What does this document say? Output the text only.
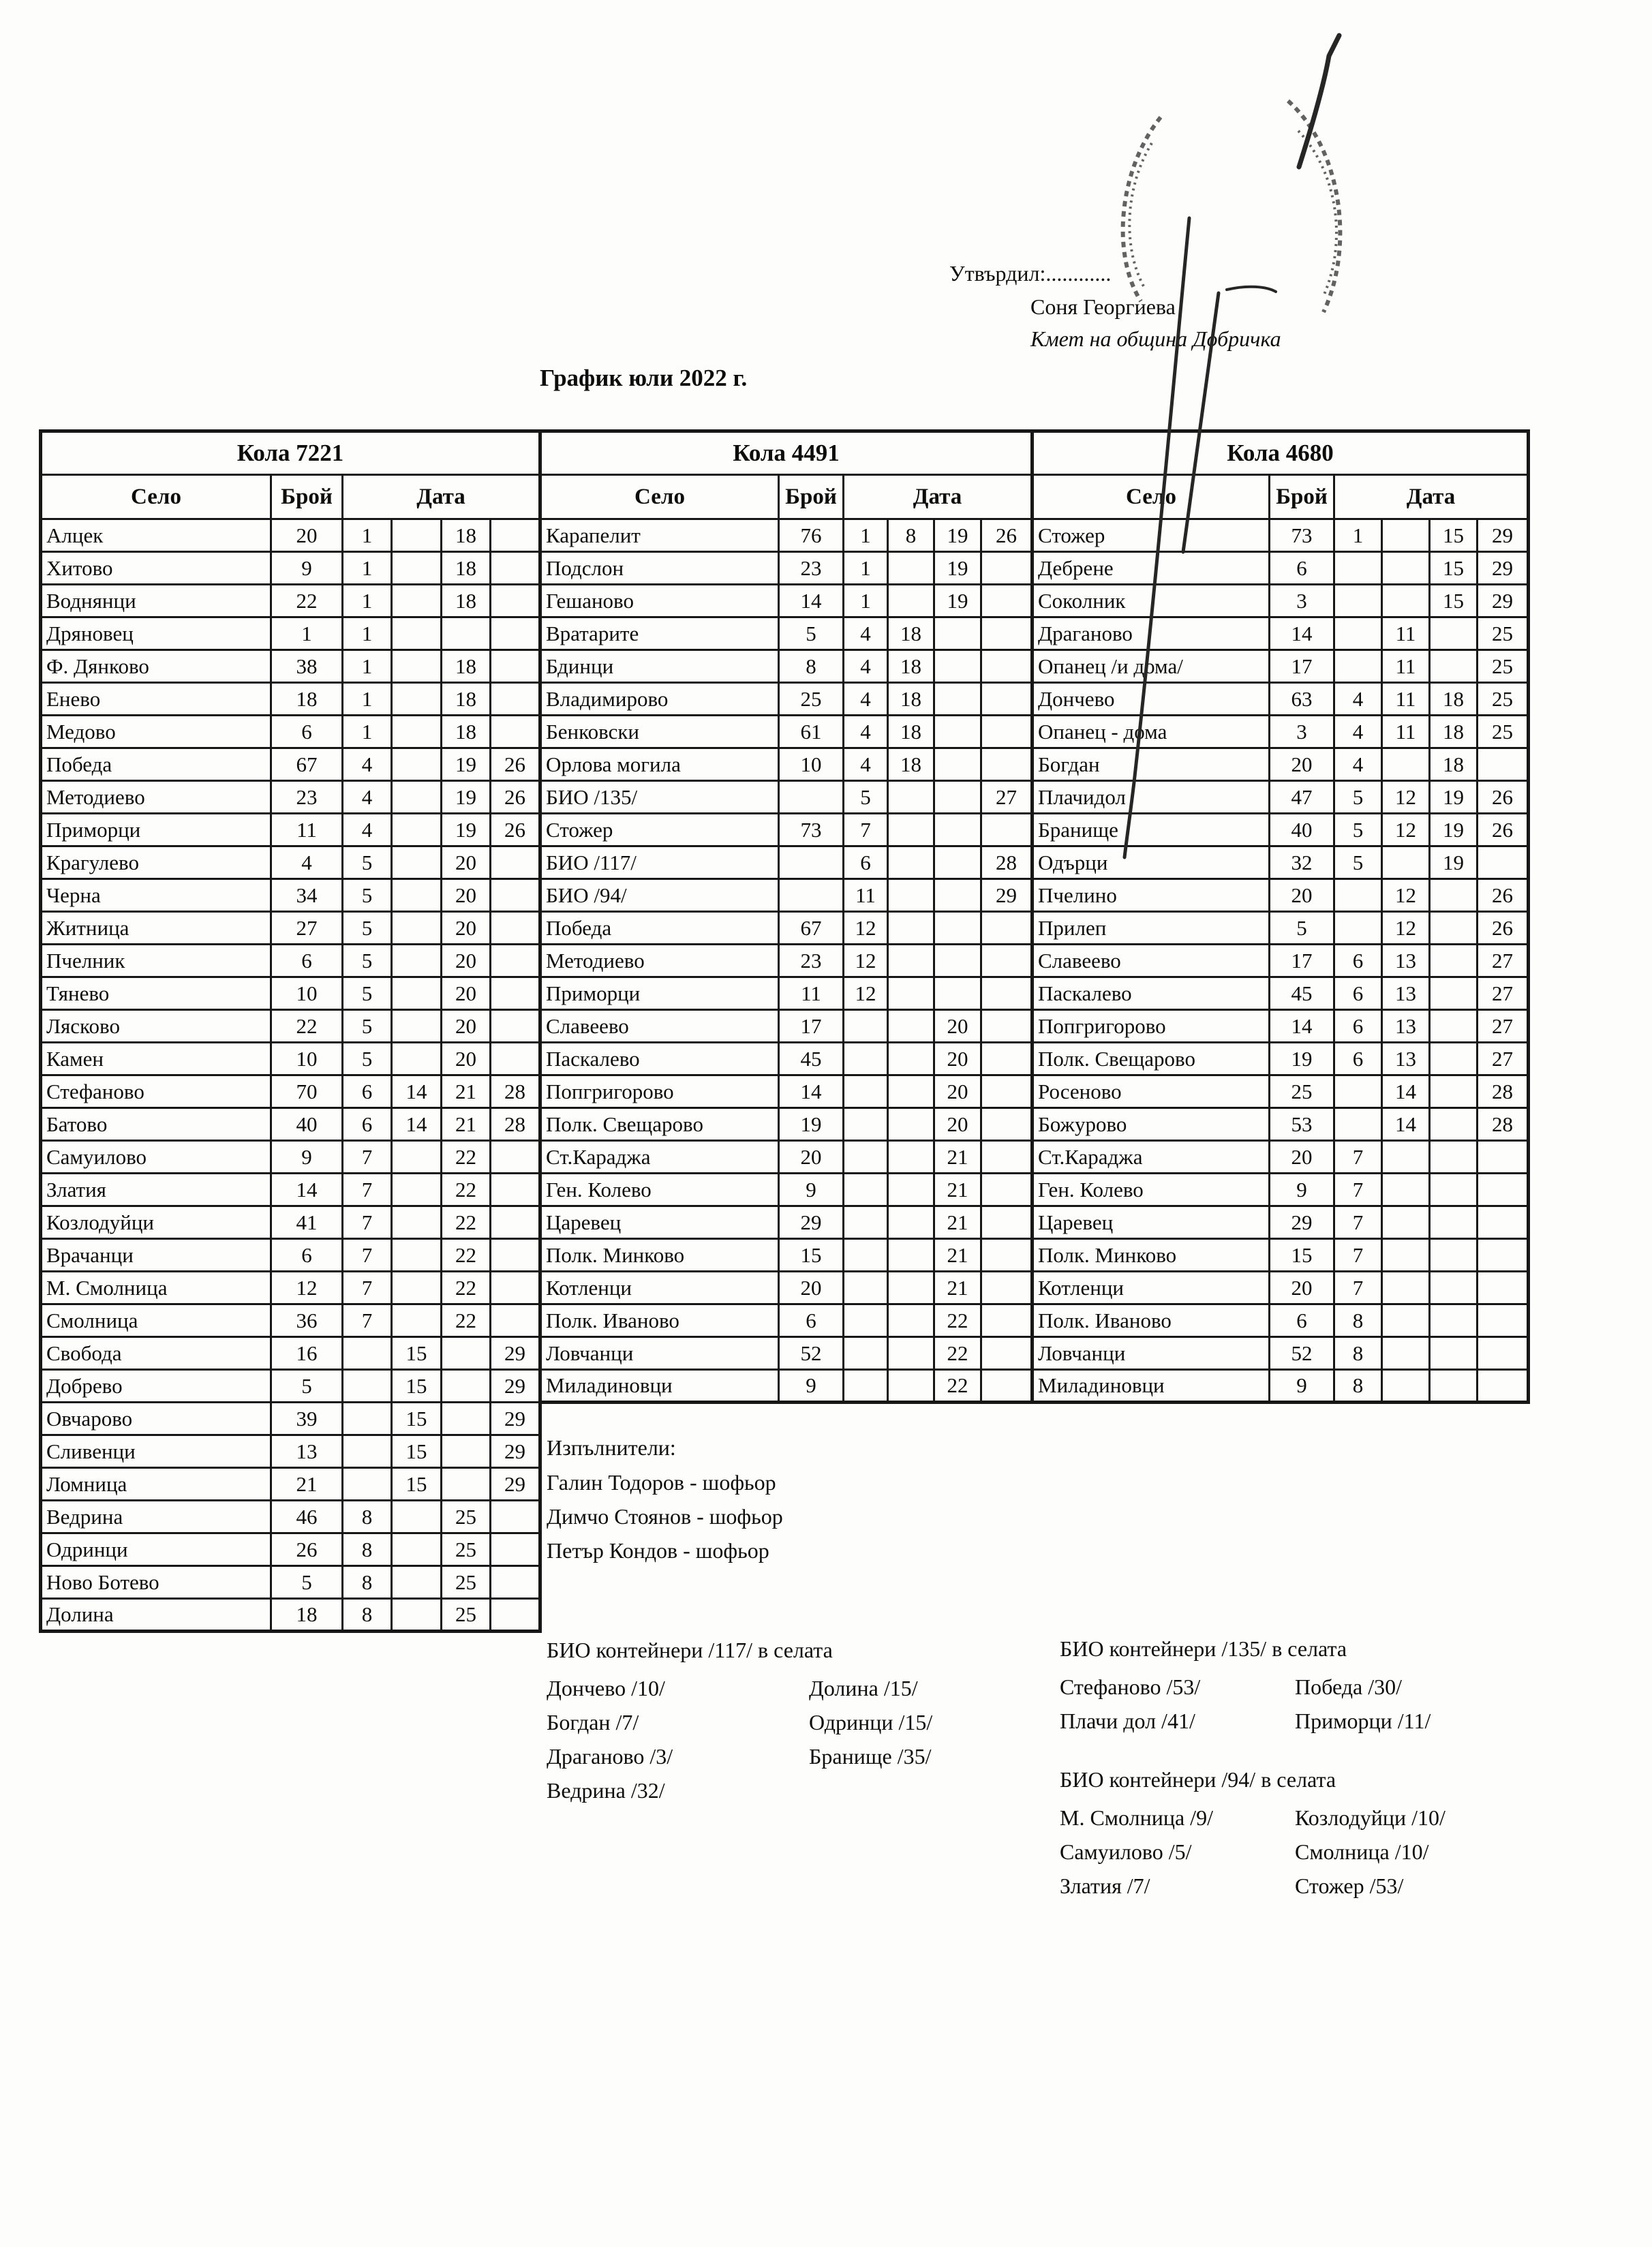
Утвърдил:............
Соня Георгиева
Кмет на община Добричка
График юли 2022 г.
Кола 7221					
Село	Брой	Дата			
Алцек	20	1		18	
Хитово	9	1		18	
Воднянци	22	1		18	
Дряновец	1	1			
Ф. Дянково	38	1		18	
Енево	18	1		18	
Медово	6	1		18	
Победа	67	4		19	26
Методиево	23	4		19	26
Приморци	11	4		19	26
Крагулево	4	5		20	
Черна	34	5		20	
Житница	27	5		20	
Пчелник	6	5		20	
Тянево	10	5		20	
Лясково	22	5		20	
Камен	10	5		20	
Стефаново	70	6	14	21	28
Батово	40	6	14	21	28
Самуилово	9	7		22	
Златия	14	7		22	
Козлодуйци	41	7		22	
Врачанци	6	7		22	
М. Смолница	12	7		22	
Смолница	36	7		22	
Свобода	16		15		29
Добрево	5		15		29
Овчарово	39		15		29
Сливенци	13		15		29
Ломница	21		15		29
Ведрина	46	8		25	
Одринци	26	8		25	
Ново Ботево	5	8		25	
Долина	18	8		25	
Кола 4491					
Село	Брой	Дата			
Карапелит	76	1	8	19	26
Подслон	23	1		19	
Гешаново	14	1		19	
Вратарите	5	4	18		
Бдинци	8	4	18		
Владимирово	25	4	18		
Бенковски	61	4	18		
Орлова могила	10	4	18		
БИО /135/		5			27
Стожер	73	7			
БИО /117/		6			28
БИО /94/		11			29
Победа	67	12			
Методиево	23	12			
Приморци	11	12			
Славеево	17			20	
Паскалево	45			20	
Попгригорово	14			20	
Полк. Свещарово	19			20	
Ст.Караджа	20			21	
Ген. Колево	9			21	
Царевец	29			21	
Полк. Минково	15			21	
Котленци	20			21	
Полк. Иваново	6			22	
Ловчанци	52			22	
Миладиновци	9			22	
Кола 4680					
Село	Брой	Дата			
Стожер	73	1		15	29
Дебрене	6			15	29
Соколник	3			15	29
Драганово	14		11		25
Опанец /и дома/	17		11		25
Дончево	63	4	11	18	25
Опанец - дома	3	4	11	18	25
Богдан	20	4		18	
Плачидол	47	5	12	19	26
Бранище	40	5	12	19	26
Одърци	32	5		19	
Пчелино	20		12		26
Прилеп	5		12		26
Славеево	17	6	13		27
Паскалево	45	6	13		27
Попгригорово	14	6	13		27
Полк. Свещарово	19	6	13		27
Росеново	25		14		28
Божурово	53		14		28
Ст.Караджа	20	7			
Ген. Колево	9	7			
Царевец	29	7			
Полк. Минково	15	7			
Котленци	20	7			
Полк. Иваново	6	8			
Ловчанци	52	8			
Миладиновци	9	8			
Изпълнители:
Галин Тодоров - шофьор
Димчо Стоянов - шофьор
Петър Кондов - шофьор
БИО контейнери /117/ в селата
Дончево /10/
Богдан /7/
Драганово /3/
Ведрина /32/
Долина /15/
Одринци /15/
Бранище /35/
БИО контейнери /135/ в селата
Стефаново /53/
Плачи дол /41/
Победа /30/
Приморци /11/
БИО контейнери /94/ в селата
М. Смолница /9/
Самуилово /5/
Златия /7/
Козлодуйци /10/
Смолница /10/
Стожер /53/
